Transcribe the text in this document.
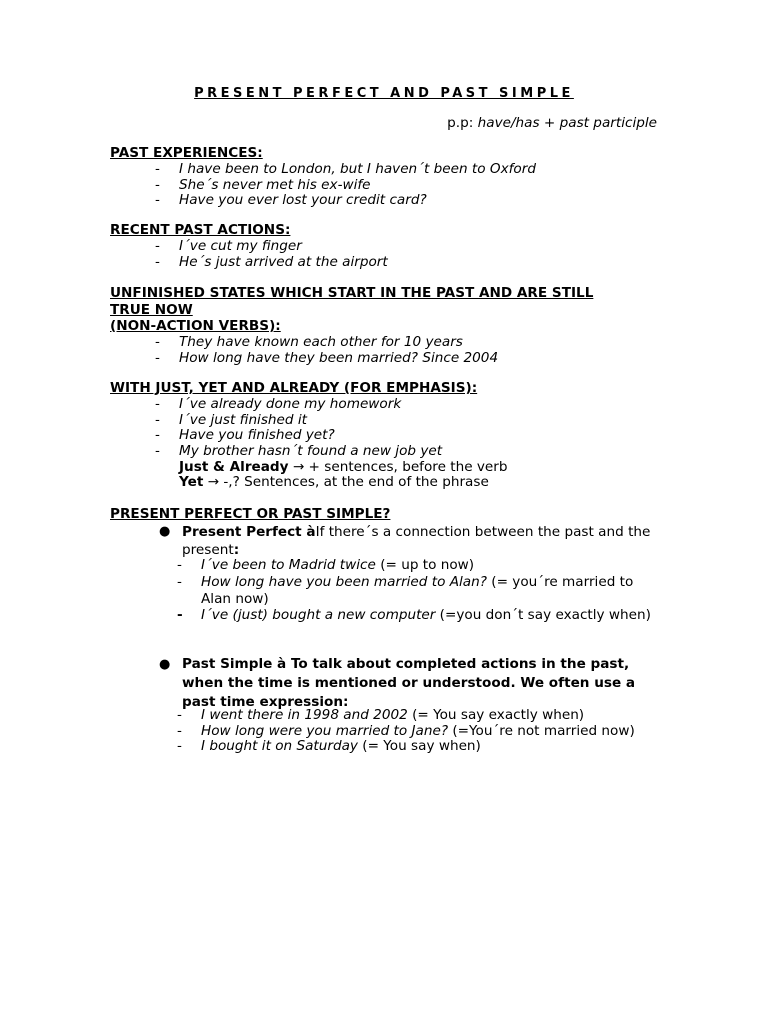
PRESENT PERFECT AND PAST SIMPLE
p.p: have/has + past participle
PAST EXPERIENCES:
- I have been to London, but I haven´t been to Oxford
- She´s never met his ex-wife
- Have you ever lost your credit card?
RECENT PAST ACTIONS:
- I´ve cut my finger
- He´s just arrived at the airport
UNFINISHED STATES WHICH START IN THE PAST AND ARE STILL
TRUE NOW
(NON-ACTION VERBS):
- They have known each other for 10 years
- How long have they been married? Since 2004
WITH JUST, YET AND ALREADY (FOR EMPHASIS):
- I´ve already done my homework
- I´ve just finished it
- Have you finished yet?
- My brother hasn´t found a new job yet
Just & Already → + sentences, before the verb
Yet → -,? Sentences, at the end of the phrase
PRESENT PERFECT OR PAST SIMPLE?
● Present Perfect àIf there´s a connection between the past and the present:
- I´ve been to Madrid twice (= up to now)
- How long have you been married to Alan? (= you´re married to Alan now)
- I´ve (just) bought a new computer (=you don´t say exactly when)
● Past Simple à To talk about completed actions in the past, when the time is mentioned or understood. We often use a past time expression:
- I went there in 1998 and 2002 (= You say exactly when)
- How long were you married to Jane? (=You´re not married now)
- I bought it on Saturday (= You say when)
